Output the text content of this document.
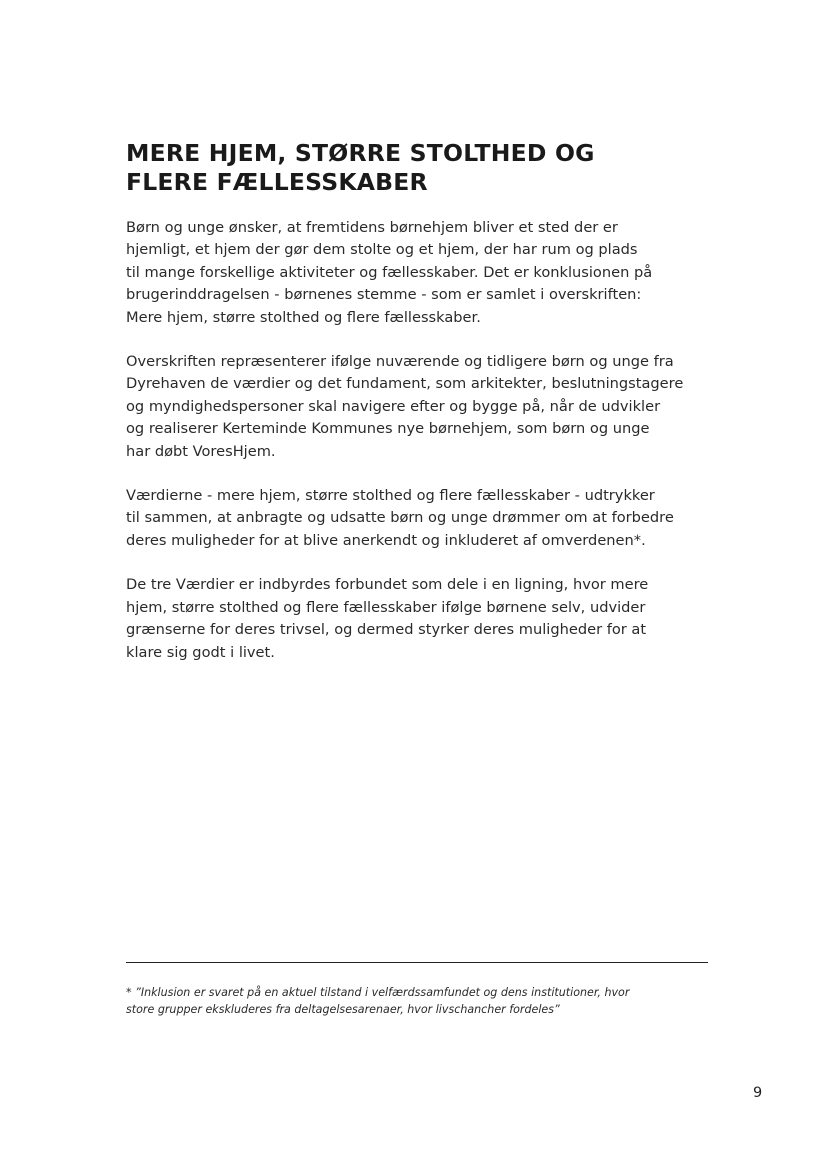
MERE HJEM, STØRRE STOLTHED OG
FLERE FÆLLESSKABER

Børn og unge ønsker, at fremtidens børnehjem bliver et sted der er
hjemligt, et hjem der gør dem stolte og et hjem, der har rum og plads
til mange forskellige aktiviteter og fællesskaber. Det er konklusionen på
brugerinddragelsen - børnenes stemme - som er samlet i overskriften:
Mere hjem, større stolthed og flere fællesskaber.

Overskriften repræsenterer ifølge nuværende og tidligere børn og unge fra
Dyrehaven de værdier og det fundament, som arkitekter, beslutningstagere
og myndighedspersoner skal navigere efter og bygge på, når de udvikler
og realiserer Kerteminde Kommunes nye børnehjem, som børn og unge
har døbt VoresHjem.

Værdierne - mere hjem, større stolthed og flere fællesskaber - udtrykker
til sammen, at anbragte og udsatte børn og unge drømmer om at forbedre
deres muligheder for at blive anerkendt og inkluderet af omverdenen*.

De tre Værdier er indbyrdes forbundet som dele i en ligning, hvor mere
hjem, større stolthed og flere fællesskaber ifølge børnene selv, udvider
grænserne for deres trivsel, og dermed styrker deres muligheder for at
klare sig godt i livet.

* ”Inklusion er svaret på en aktuel tilstand i velfærdssamfundet og dens institutioner, hvor
store grupper ekskluderes fra deltagelsesarenaer, hvor livschancher fordeles”

9
